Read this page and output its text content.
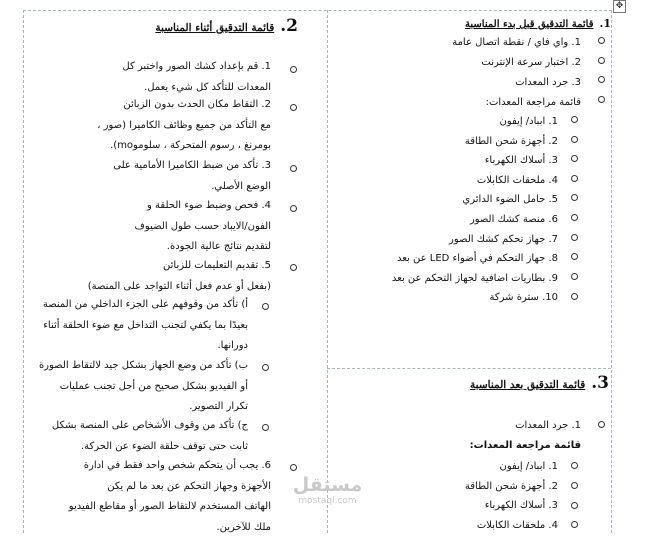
✥
1.قائمة التدقيق قبل بدء المناسبة
1. واي فاي / نقطة اتصال عامة
2. اختبار سرعة الإنترنت
3. جرد المعدات
قائمة مراجعة المعدات:
1. ابباد/ إيفون
2. أجهزة شحن الطاقة
3. أسلاك الكهرباء
4. ملحقات الكابلات
5. حامل الضوء الدائري
6. منصة كشك الصور
7. جهاز تحكم كشك الصور
8. جهاز التحكم في أضواء LED عن بعد
9. بطاريات اضافية لجهاز التحكم عن بعد
10. سترة شركة
3.قائمة التدقيق بعد المناسبة
1. جرد المعدات
قائمة مراجعة المعدات:
1. ابباد/ إيفون
2. أجهزة شحن الطاقة
3. أسلاك الكهرباء
4. ملحقات الكابلات
2.قائمة التدقيق أثناء المناسبة
1. قم بإعداد كشك الصور واختبر كل
المعدات للتأكد كل شيء يعمل.
2. التقاط مكان الحدث بدون الزبائن
مع التأكد من جميع وظائف الكاميرا (صور ،
بومرنغ ، رسوم المتحركة ، سلوموmo).
3. تأكد من ضبط الكاميرا الأمامية على
الوضع الأصلي.
4. فحص وضبط ضوء الحلقة و
الفون/الايباد حسب طول الضيوف
لتقديم نتائج عالية الجودة.
5. تقديم التعليمات للزبائن
(بفعل أو عدم فعل أثناء التواجد على المنصة)
أ) تأكد من وقوفهم على الجزء الداخلي من المنصة
بعيدًا بما يكفي لتجنب التداخل مع ضوء الحلقة أثناء
دورانها.
ب) تأكد من وضع الجهاز بشكل جيد لالتقاط الصورة
أو الفيديو بشكل صحيح من أجل تجنب عمليات
تكرار التصوير.
ج) تأكد من وقوف الأشخاص على المنصة بشكل
ثابت حتى توقف حلقة الضوء عن الحركة.
6. يجب أن يتحكم شخص واحد فقط في ادارة
الأجهزة وجهاز التحكم عن بعد ما لم يكن
الهاتف المستخدم لالتقاط الصور أو مقاطع الفيديو
ملك للآخرين.
مستقل
mostaql.com
